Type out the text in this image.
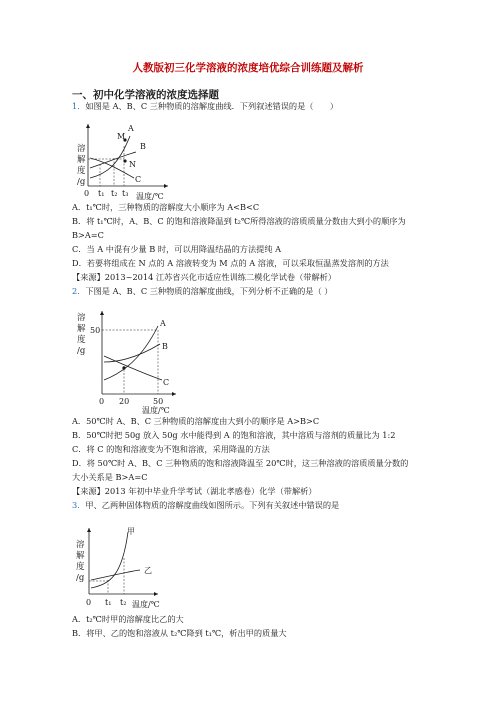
人教版初三化学溶液的浓度培优综合训练题及解析
一、初中化学溶液的浓度选择题
1．如图是 A、B、C 三种物质的溶解度曲线．下列叙述错误的是（　　）
溶
解
度
/g
A
M
B
N
C
0 t₁ t₂ t₃ 温度/℃
A．t₁℃时，三种物质的溶解度大小顺序为 A<B<C
B．将 t₁℃时，A、B、C 的饱和溶液降温到 t₂℃所得溶液的溶质质量分数由大到小的顺序为
B>A=C
C．当 A 中混有少量 B 时，可以用降温结晶的方法提纯 A
D．若要将组成在 N 点的 A 溶液转变为 M 点的 A 溶液，可以采取恒温蒸发溶剂的方法
【来源】2013~2014 江苏省兴化市适应性训练二模化学试卷（带解析）
2．下图是 A、B、C 三种物质的溶解度曲线，下列分析不正确的是（ ）
溶
解
度
/g
50
A
B
C
0 20	50
温度/℃
A．50℃时 A、B、C 三种物质的溶解度由大到小的顺序是 A>B>C
B．50℃时把 50g 放入 50g 水中能得到 A 的饱和溶液，其中溶质与溶剂的质量比为 1:2
C．将 C 的饱和溶液变为不饱和溶液，采用降温的方法
D．将 50℃时 A、B、C 三种物质的饱和溶液降温至 20℃时，这三种溶液的溶质质量分数的
大小关系是 B>A=C
【来源】2013 年初中毕业升学考试（湖北孝感卷）化学（带解析）
3．甲、乙两种固体物质的溶解度曲线如图所示。下列有关叙述中错误的是
溶
解
度
/g
甲
乙
0 t₁ t₂ 温度/℃
A．t₂℃时甲的溶解度比乙的大
B．将甲、乙的饱和溶液从 t₂℃降到 t₁℃，析出甲的质量大
